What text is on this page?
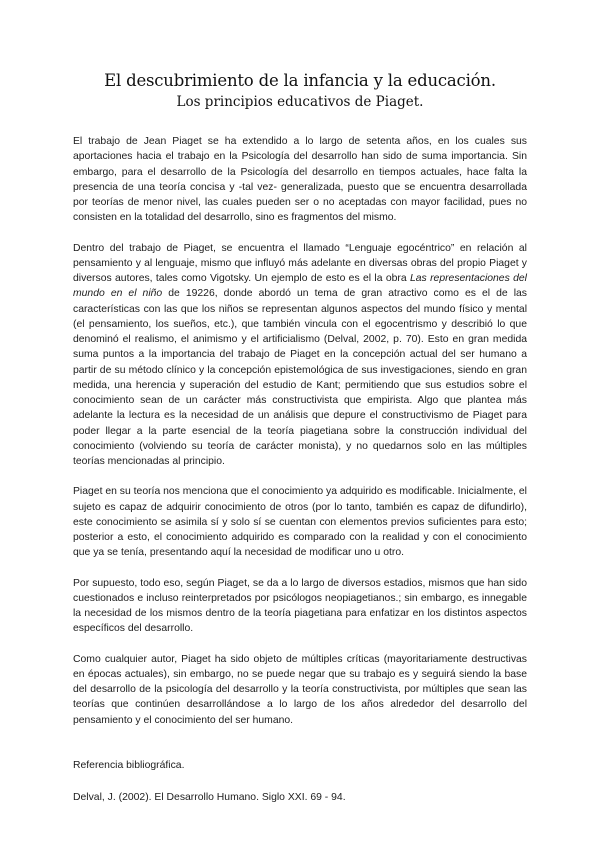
El descubrimiento de la infancia y la educación.
Los principios educativos de Piaget.

El trabajo de Jean Piaget se ha extendido a lo largo de setenta años, en los cuales sus aportaciones hacia el trabajo en la Psicología del desarrollo han sido de suma importancia. Sin embargo, para el desarrollo de la Psicología del desarrollo en tiempos actuales, hace falta la presencia de una teoría concisa y -tal vez- generalizada, puesto que se encuentra desarrollada por teorías de menor nivel, las cuales pueden ser o no aceptadas con mayor facilidad, pues no consisten en la totalidad del desarrollo, sino es fragmentos del mismo.

Dentro del trabajo de Piaget, se encuentra el llamado “Lenguaje egocéntrico” en relación al pensamiento y al lenguaje, mismo que influyó más adelante en diversas obras del propio Piaget y diversos autores, tales como Vigotsky. Un ejemplo de esto es el la obra Las representaciones del mundo en el niño de 19226, donde abordó un tema de gran atractivo como es el de las características con las que los niños se representan algunos aspectos del mundo físico y mental (el pensamiento, los sueños, etc.), que también vincula con el egocentrismo y describió lo que denominó el realismo, el animismo y el artificialismo (Delval, 2002, p. 70). Esto en gran medida suma puntos a la importancia del trabajo de Piaget en la concepción actual del ser humano a partir de su método clínico y la concepción epistemológica de sus investigaciones, siendo en gran medida, una herencia y superación del estudio de Kant; permitiendo que sus estudios sobre el conocimiento sean de un carácter más constructivista que empirista. Algo que plantea más adelante la lectura es la necesidad de un análisis que depure el constructivismo de Piaget para poder llegar a la parte esencial de la teoría piagetiana sobre la construcción individual del conocimiento (volviendo su teoría de carácter monista), y no quedarnos solo en las múltiples teorías mencionadas al principio.

Piaget en su teoría nos menciona que el conocimiento ya adquirido es modificable. Inicialmente, el sujeto es capaz de adquirir conocimiento de otros (por lo tanto, también es capaz de difundirlo), este conocimiento se asimila sí y solo sí se cuentan con elementos previos suficientes para esto; posterior a esto, el conocimiento adquirido es comparado con la realidad y con el conocimiento que ya se tenía, presentando aquí la necesidad de modificar uno u otro.

Por supuesto, todo eso, según Piaget, se da a lo largo de diversos estadios, mismos que han sido cuestionados e incluso reinterpretados por psicólogos neopiagetianos.; sin embargo, es innegable la necesidad de los mismos dentro de la teoría piagetiana para enfatizar en los distintos aspectos específicos del desarrollo.

Como cualquier autor, Piaget ha sido objeto de múltiples críticas (mayoritariamente destructivas en épocas actuales), sin embargo, no se puede negar que su trabajo es y seguirá siendo la base del desarrollo de la psicología del desarrollo y la teoría constructivista, por múltiples que sean las teorías que continúen desarrollándose a lo largo de los años alrededor del desarrollo del pensamiento y el conocimiento del ser humano.

Referencia bibliográfica.
Delval, J. (2002). El Desarrollo Humano. Siglo XXI. 69 - 94.
